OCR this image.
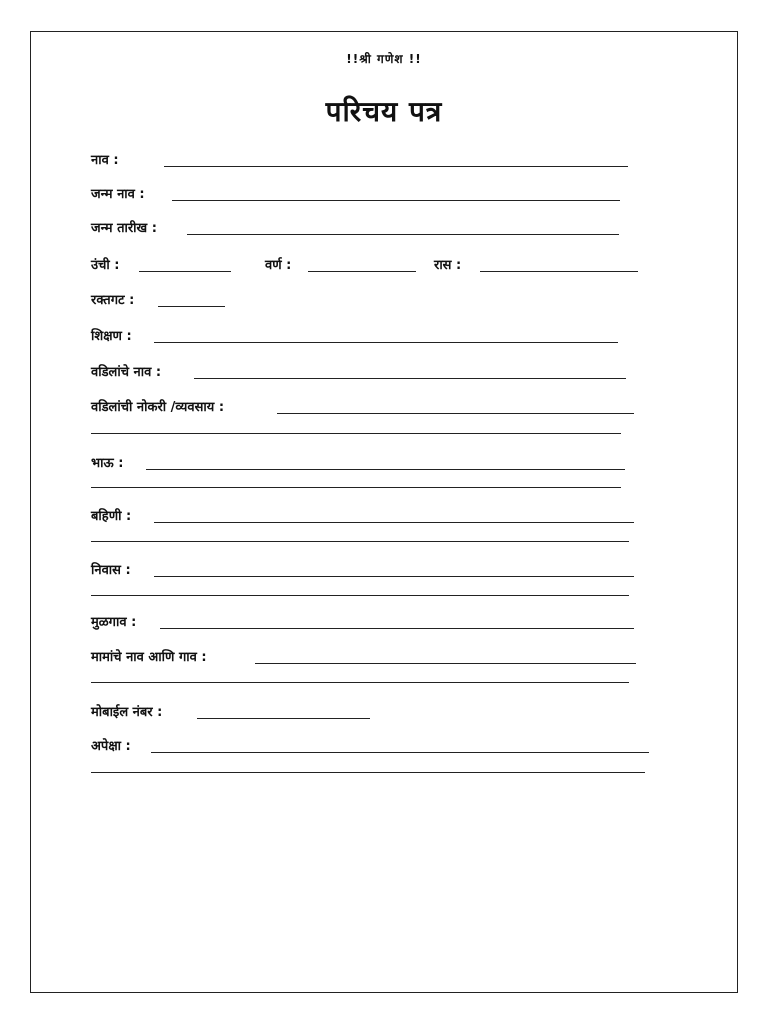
!!श्री गणेश !!
परिचय पत्र
नाव :
जन्म नाव :
जन्म तारीख :
उंची :	वर्ण :	रास :
रक्तगट :
शिक्षण :
वडिलांचे नाव :
वडिलांची नोकरी /व्यवसाय :
भाऊ :
बहिणी :
निवास :
मुळगाव :
मामांचे नाव आणि गाव :
मोबाईल नंबर :
अपेक्षा :
